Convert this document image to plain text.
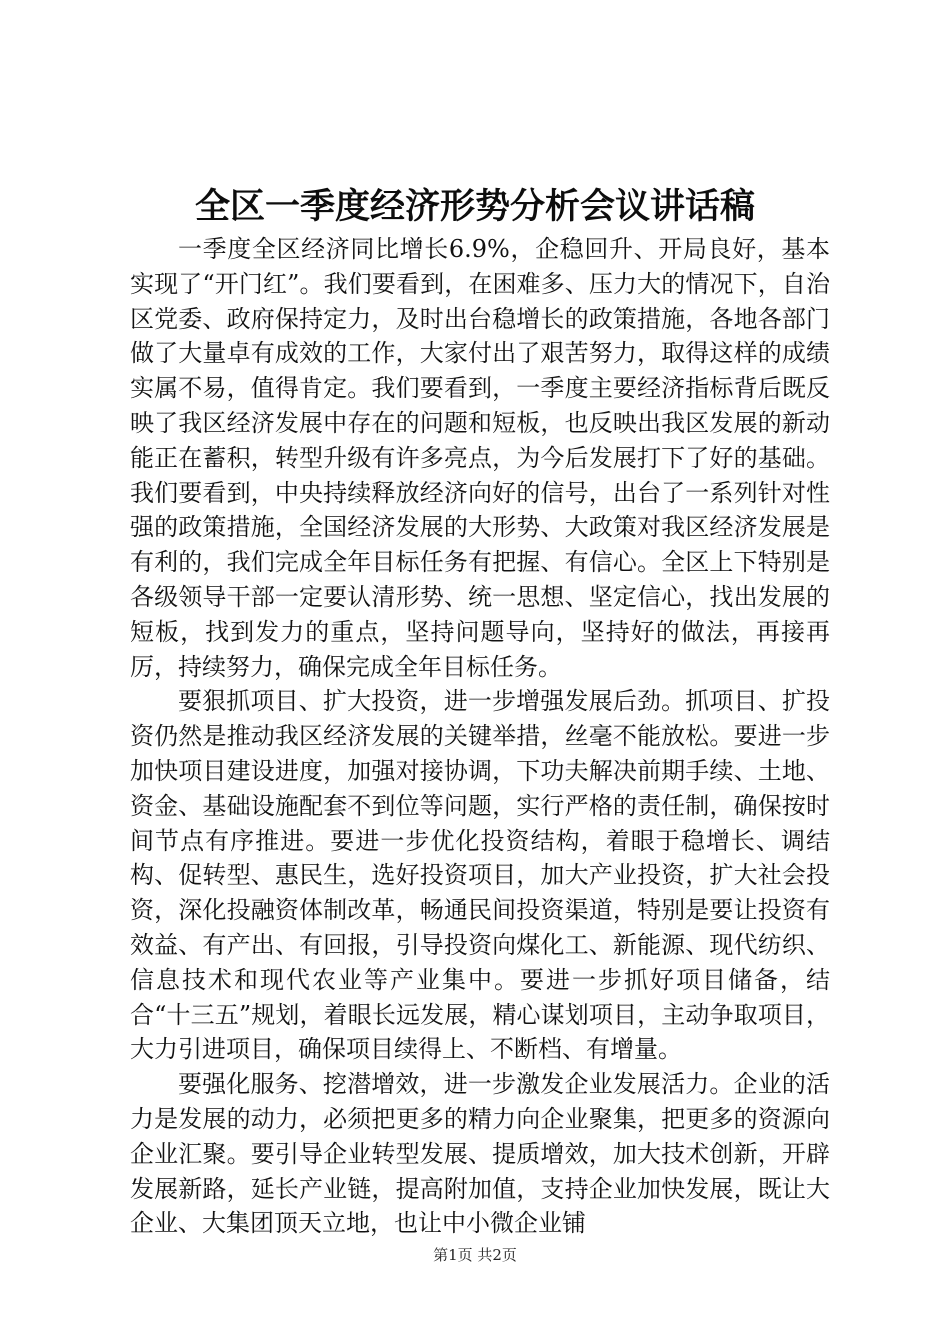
全区一季度经济形势分析会议讲话稿

一季度全区经济同比增长6.9%，企稳回升、开局良好，基本实现了“开门红”。我们要看到，在困难多、压力大的情况下，自治区党委、政府保持定力，及时出台稳增长的政策措施，各地各部门做了大量卓有成效的工作，大家付出了艰苦努力，取得这样的成绩实属不易，值得肯定。我们要看到，一季度主要经济指标背后既反映了我区经济发展中存在的问题和短板，也反映出我区发展的新动能正在蓄积，转型升级有许多亮点，为今后发展打下了好的基础。我们要看到，中央持续释放经济向好的信号，出台了一系列针对性强的政策措施，全国经济发展的大形势、大政策对我区经济发展是有利的，我们完成全年目标任务有把握、有信心。全区上下特别是各级领导干部一定要认清形势、统一思想、坚定信心，找出发展的短板，找到发力的重点，坚持问题导向，坚持好的做法，再接再厉，持续努力，确保完成全年目标任务。

要狠抓项目、扩大投资，进一步增强发展后劲。抓项目、扩投资仍然是推动我区经济发展的关键举措，丝毫不能放松。要进一步加快项目建设进度，加强对接协调，下功夫解决前期手续、土地、资金、基础设施配套不到位等问题，实行严格的责任制，确保按时间节点有序推进。要进一步优化投资结构，着眼于稳增长、调结构、促转型、惠民生，选好投资项目，加大产业投资，扩大社会投资，深化投融资体制改革，畅通民间投资渠道，特别是要让投资有效益、有产出、有回报，引导投资向煤化工、新能源、现代纺织、信息技术和现代农业等产业集中。要进一步抓好项目储备，结合“十三五”规划，着眼长远发展，精心谋划项目，主动争取项目，大力引进项目，确保项目续得上、不断档、有增量。

要强化服务、挖潜增效，进一步激发企业发展活力。企业的活力是发展的动力，必须把更多的精力向企业聚集，把更多的资源向企业汇聚。要引导企业转型发展、提质增效，加大技术创新，开辟发展新路，延长产业链，提高附加值，支持企业加快发展，既让大企业、大集团顶天立地，也让中小微企业铺

第1页 共2页
